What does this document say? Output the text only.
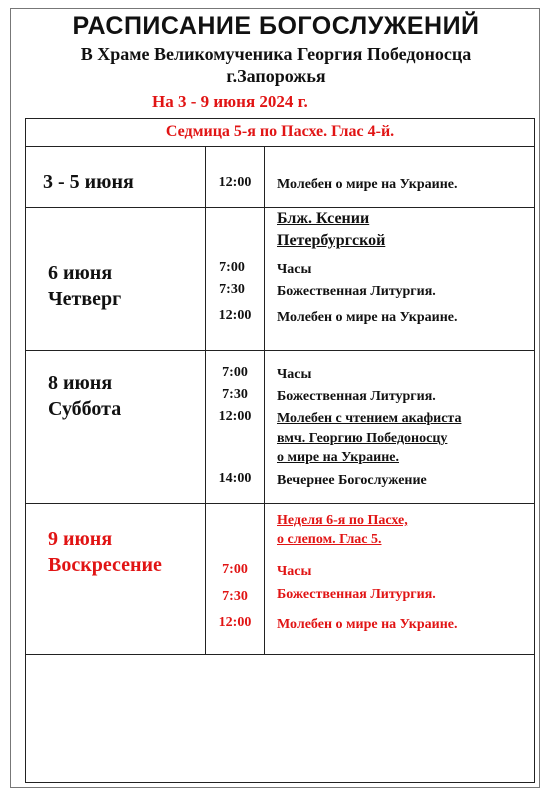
РАСПИСАНИЕ БОГОСЛУЖЕНИЙ
В Храме Великомученика Георгия Победоносца
г.Запорожья
На 3 - 9 июня 2024 г.
Седмица 5-я по Пасхе. Глас 4-й.
3 - 5 июня	12:00	Молебен о мире на Украине.
6 июня
Четверг
Блж. Ксении
Петербургской
7:00
7:30
12:00
Часы
Божественная Литургия.
Молебен о мире на Украине.
8 июня
Суббота
7:00
7:30
12:00
14:00
Часы
Божественная Литургия.
Молебен с чтением акафиста
вмч. Георгию Победоносцу
о мире на Украине.
Вечернее Богослужение
9 июня
Воскресение
Неделя 6-я по Пасхе,
о слепом. Глас 5.
7:00
7:30
12:00
Часы
Божественная Литургия.
Молебен о мире на Украине.
